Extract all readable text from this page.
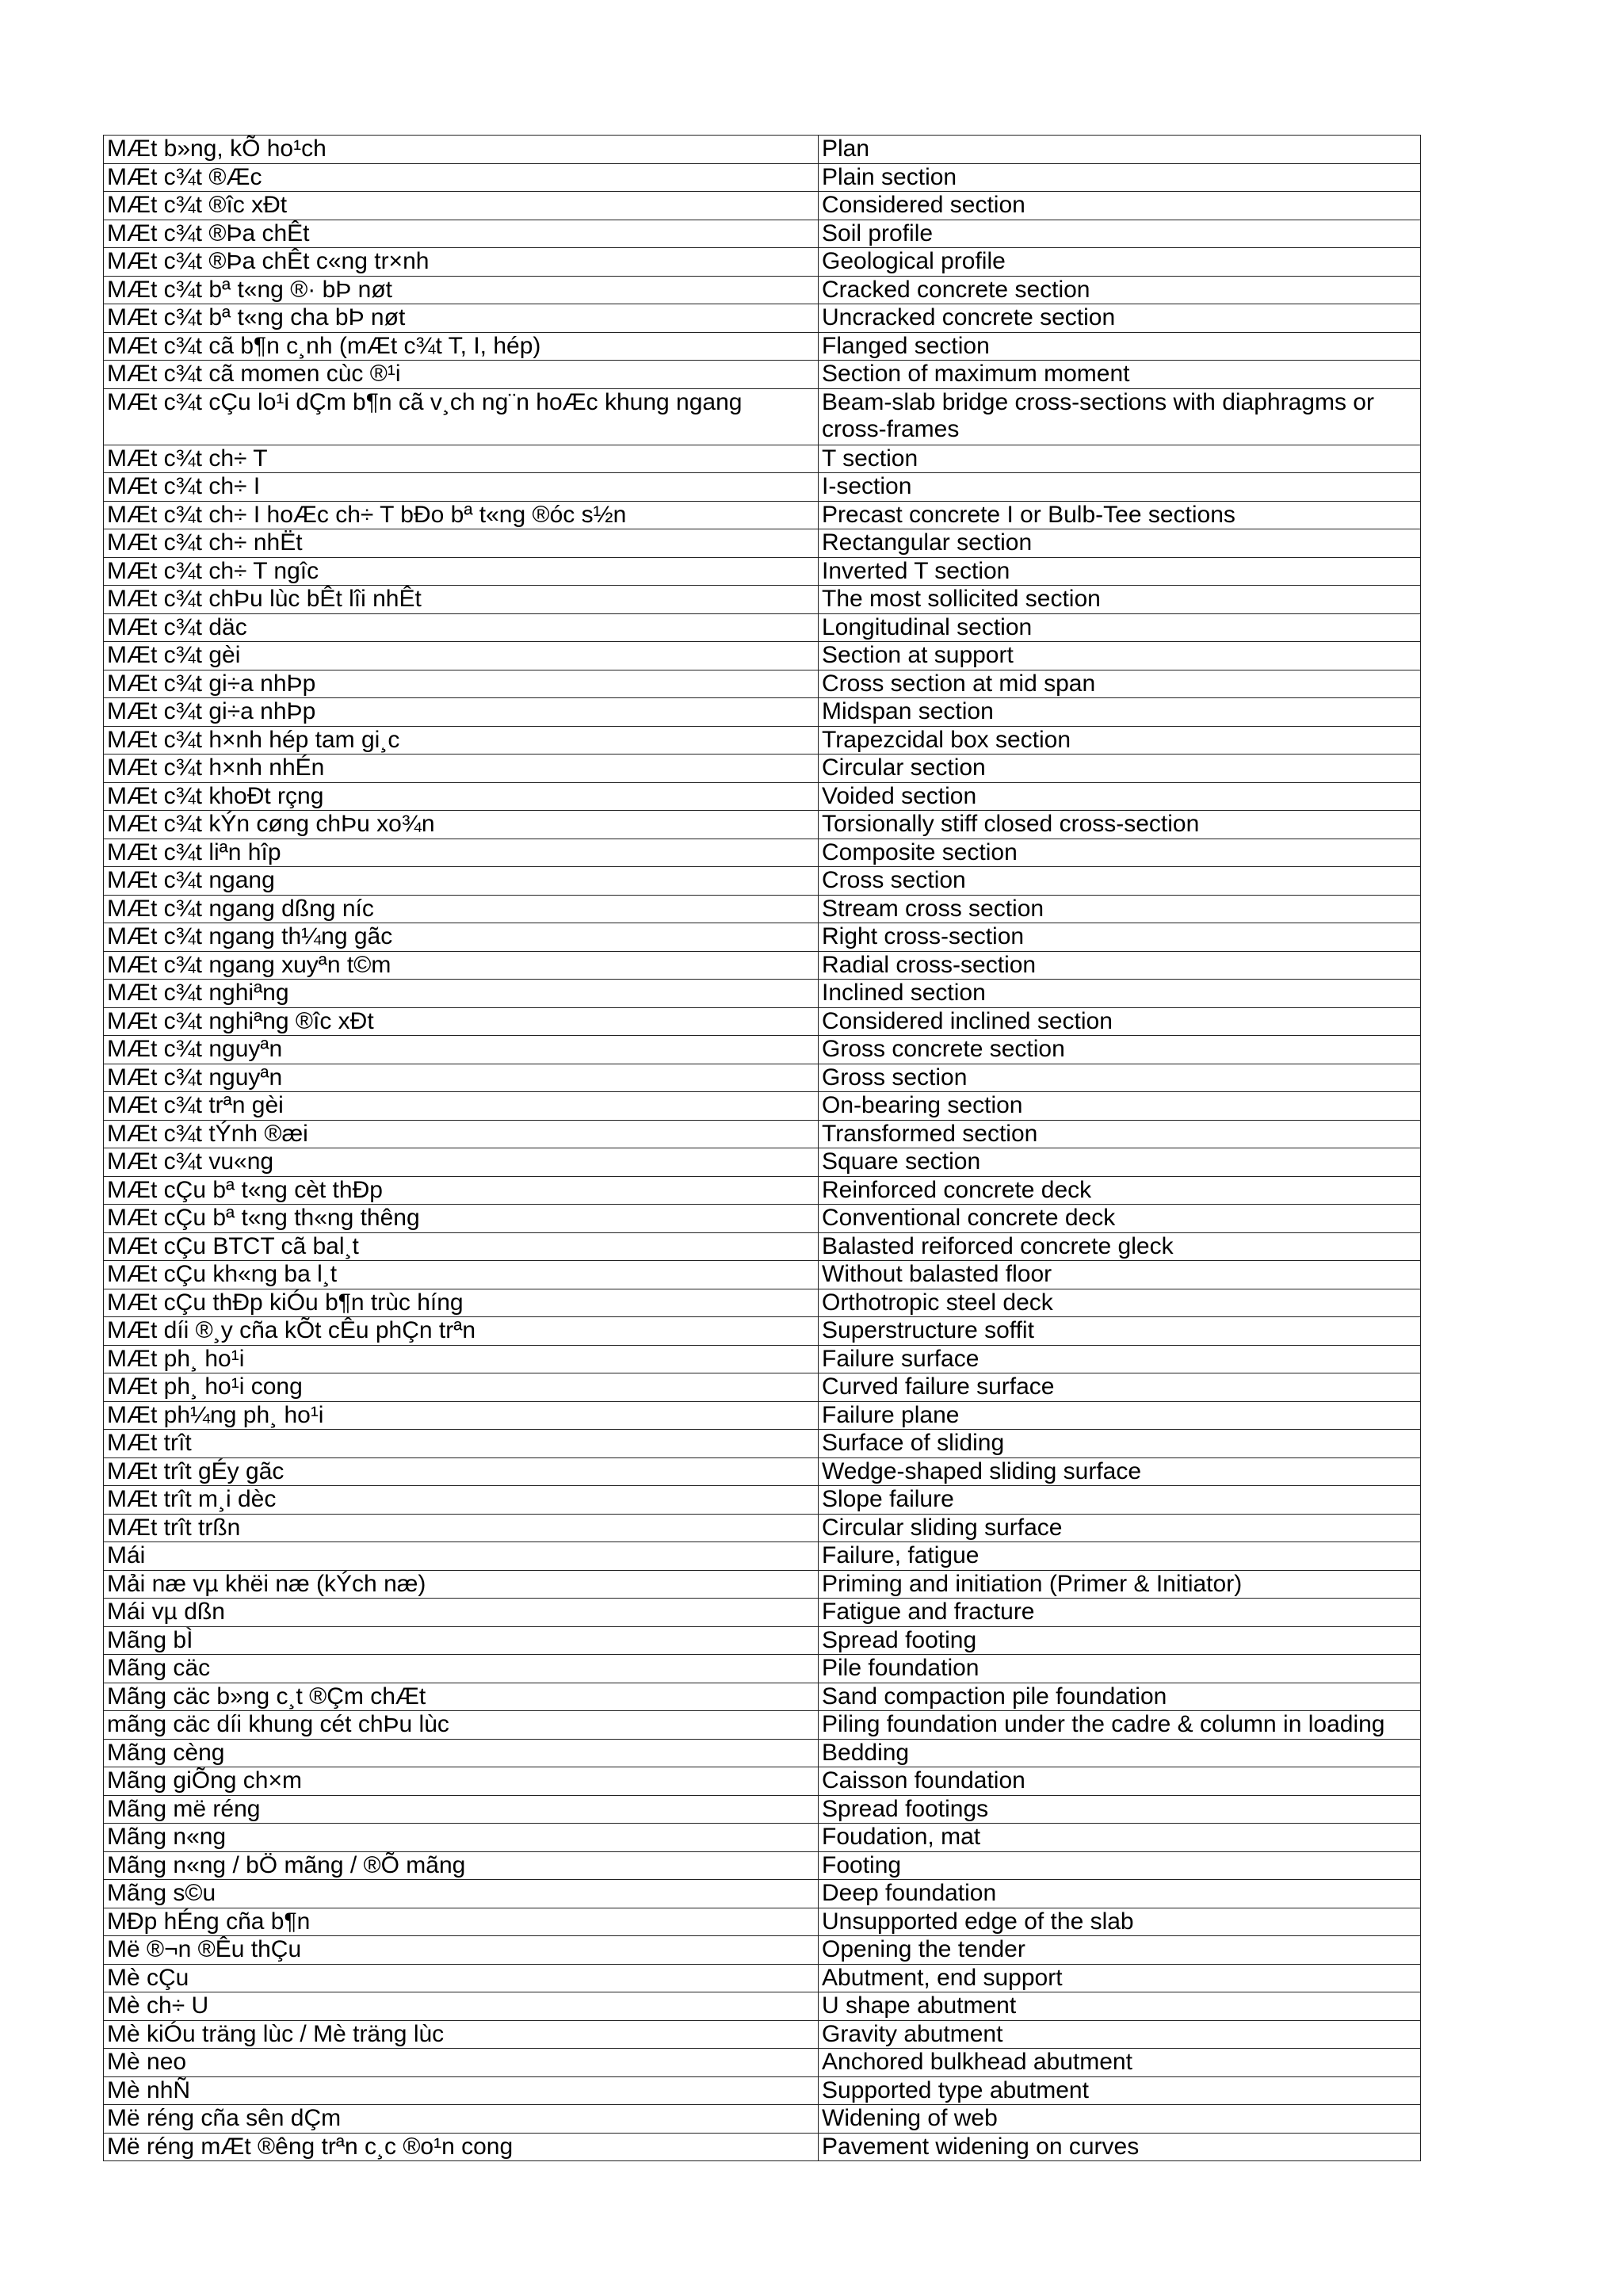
MÆt b»ng, kÕ ho¹ch	Plan
MÆt c¾t ®Æc	Plain section
MÆt c¾t ®îc xÐt	Considered section
MÆt c¾t ®Þa chÊt	Soil profile
MÆt c¾t ®Þa chÊt c«ng tr×nh	Geological profile
MÆt c¾t bª t«ng ®· bÞ nøt	Cracked concrete section
MÆt c¾t bª t«ng cha bÞ nøt	Uncracked concrete section
MÆt c¾t cã b¶n c¸nh (mÆt c¾t T, I, hép)	Flanged section
MÆt c¾t cã momen cùc ®¹i	Section of maximum moment
MÆt c¾t cÇu lo¹i dÇm b¶n cã v¸ch ng¨n hoÆc khung ngang	Beam-slab bridge cross-sections with diaphragms or cross-frames
MÆt c¾t ch÷ T	T section
MÆt c¾t ch÷ I	I-section
MÆt c¾t ch÷ I hoÆc ch÷ T bÐo bª t«ng ®óc s½n	Precast concrete I or Bulb-Tee sections
MÆt c¾t ch÷ nhËt	Rectangular section
MÆt c¾t ch÷ T ngîc	Inverted T section
MÆt c¾t chÞu lùc bÊt lîi nhÊt	The most sollicited section
MÆt c¾t däc	Longitudinal section
MÆt c¾t gèi	Section at support
MÆt c¾t gi÷a nhÞp	Cross section at mid span
MÆt c¾t gi÷a nhÞp	Midspan section
MÆt c¾t h×nh hép tam gi¸c	Trapezcidal box section
MÆt c¾t h×nh nhÉn	Circular section
MÆt c¾t khoÐt rçng	Voided section
MÆt c¾t kÝn cøng chÞu xo¾n	Torsionally stiff closed cross-section
MÆt c¾t liªn hîp	Composite section
MÆt c¾t ngang	Cross section
MÆt c¾t ngang dßng níc	Stream cross section
MÆt c¾t ngang th¼ng gãc	Right cross-section
MÆt c¾t ngang xuyªn t©m	Radial cross-section
MÆt c¾t nghiªng	Inclined section
MÆt c¾t nghiªng ®îc xÐt	Considered inclined section
MÆt c¾t nguyªn	Gross concrete section
MÆt c¾t nguyªn	Gross section
MÆt c¾t trªn gèi	On-bearing section
MÆt c¾t tÝnh ®æi	Transformed section
MÆt c¾t vu«ng	Square section
MÆt cÇu bª t«ng cèt thÐp	Reinforced concrete deck
MÆt cÇu bª t«ng th«ng thêng	Conventional concrete deck
MÆt cÇu BTCT cã bal¸t	Balasted reiforced concrete gleck
MÆt cÇu kh«ng ba l¸t	Without balasted floor
MÆt cÇu thÐp kiÓu b¶n trùc híng	Orthotropic steel deck
MÆt díi ®¸y cña kÕt cÊu phÇn trªn	Superstructure soffit
MÆt ph¸ ho¹i	Failure surface
MÆt ph¸ ho¹i cong	Curved failure surface
MÆt ph¼ng ph¸ ho¹i	Failure plane
MÆt trît	Surface of sliding
MÆt trît gÉy gãc	Wedge-shaped sliding surface
MÆt trît m¸i dèc	Slope failure
MÆt trît trßn	Circular sliding surface
Mái	Failure, fatigue
Mải næ vµ khëi næ (kÝch næ)	Priming and initiation (Primer & Initiator)
Mái vµ dßn	Fatigue and fracture
Mãng bÌ	Spread footing
Mãng cäc	Pile foundation
Mãng cäc b»ng c¸t ®Çm chÆt	Sand compaction pile foundation
mãng cäc díi khung cét chÞu lùc	Piling foundation under the cadre & column in loading
Mãng cèng	Bedding
Mãng giÕng ch×m	Caisson foundation
Mãng më réng	Spread footings
Mãng n«ng	Foudation, mat
Mãng n«ng / bÖ mãng / ®Õ mãng	Footing
Mãng s©u	Deep foundation
MÐp hÉng cña b¶n	Unsupported edge of the slab
Më ®¬n ®Êu thÇu	Opening the tender
Mè cÇu	Abutment, end support
Mè ch÷ U	U shape abutment
Mè kiÓu träng lùc / Mè träng lùc	Gravity abutment
Mè neo	Anchored bulkhead abutment
Mè nhÑ	Supported type abutment
Më réng cña sên dÇm	Widening of web
Më réng mÆt ®êng trªn c¸c ®o¹n cong	Pavement widening on curves
